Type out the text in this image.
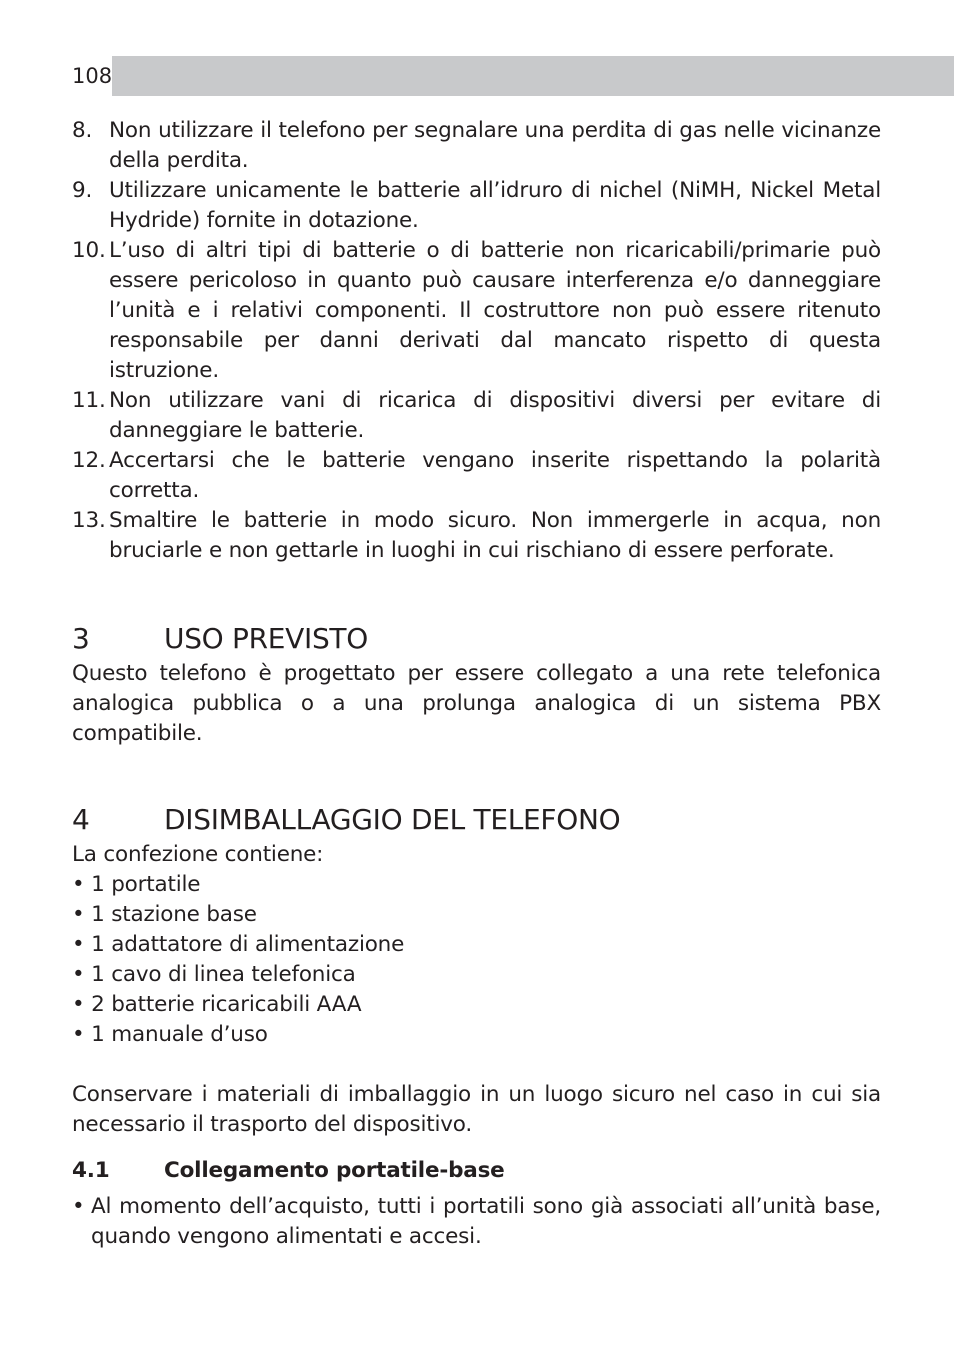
108
8. Non utilizzare il telefono per segnalare una perdita di gas nelle vicinanze della perdita.
9. Utilizzare unicamente le batterie all’idruro di nichel (NiMH, Nickel Metal Hydride) fornite in dotazione.
10. L’uso di altri tipi di batterie o di batterie non ricaricabili/primarie può essere pericoloso in quanto può causare interferenza e/o danneggiare l’unità e i relativi componenti. Il costruttore non può essere ritenuto responsabile per danni derivati dal mancato rispetto di questa istruzione.
11. Non utilizzare vani di ricarica di dispositivi diversi per evitare di danneggiare le batterie.
12. Accertarsi che le batterie vengano inserite rispettando la polarità corretta.
13. Smaltire le batterie in modo sicuro. Non immergerle in acqua, non bruciarle e non gettarle in luoghi in cui rischiano di essere perforate.
3	USO PREVISTO

Questo telefono è progettato per essere collegato a una rete telefonica analogica pubblica o a una prolunga analogica di un sistema PBX compatibile.

4	DISIMBALLAGGIO DEL TELEFONO

La confezione contiene:

• 1 portatile
• 1 stazione base
• 1 adattatore di alimentazione
• 1 cavo di linea telefonica
• 2 batterie ricaricabili AAA
• 1 manuale d’uso

Conservare i materiali di imballaggio in un luogo sicuro nel caso in cui sia necessario il trasporto del dispositivo.

4.1	Collegamento portatile-base
• Al momento dell’acquisto, tutti i portatili sono già associati all’unità base, quando vengono alimentati e accesi.
